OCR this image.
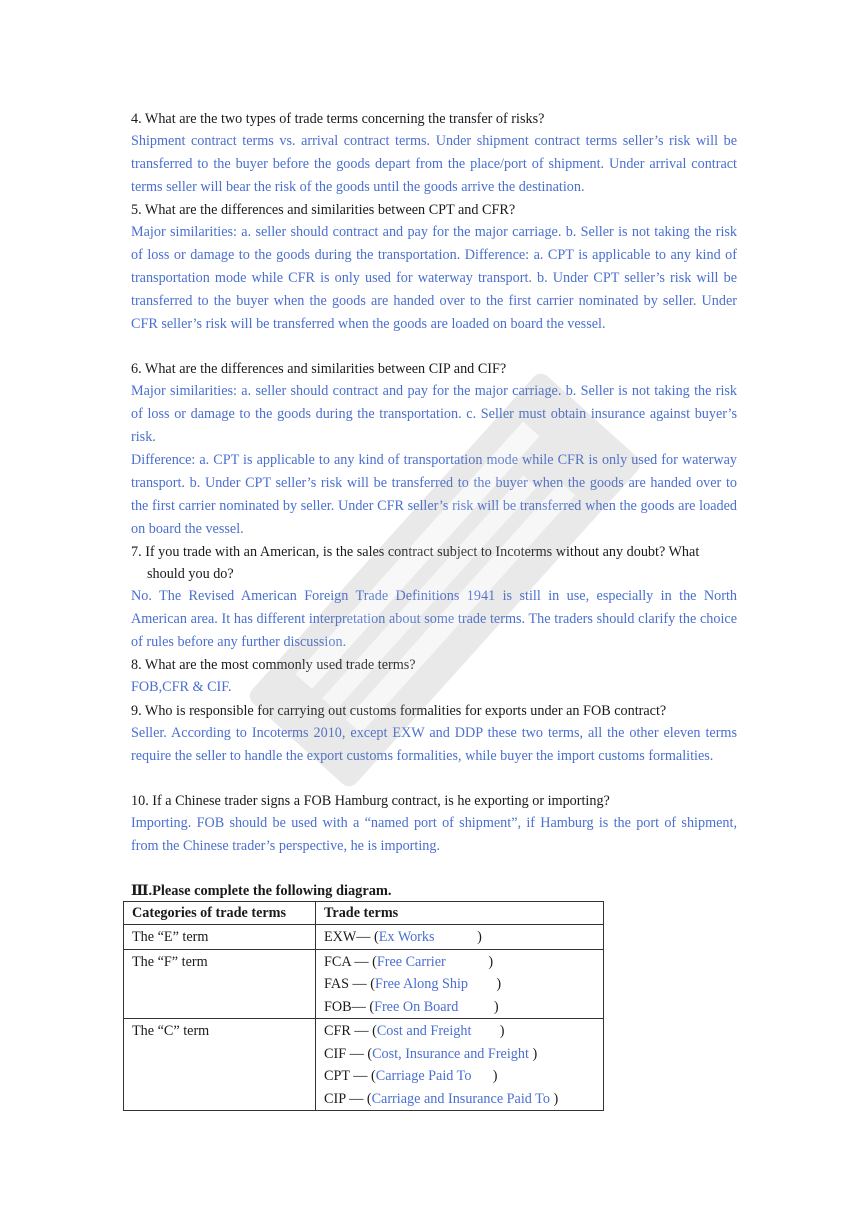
4. What are the two types of trade terms concerning the transfer of risks?
Shipment contract terms vs. arrival contract terms. Under shipment contract terms seller’s risk will be transferred to the buyer before the goods depart from the place/port of shipment. Under arrival contract terms seller will bear the risk of the goods until the goods arrive the destination.
5. What are the differences and similarities between CPT and CFR?
Major similarities: a. seller should contract and pay for the major carriage. b. Seller is not taking the risk of loss or damage to the goods during the transportation. Difference: a. CPT is applicable to any kind of transportation mode while CFR is only used for waterway transport. b. Under CPT seller’s risk will be transferred to the buyer when the goods are handed over to the first carrier nominated by seller. Under CFR seller’s risk will be transferred when the goods are loaded on board the vessel.
6. What are the differences and similarities between CIP and CIF?
Major similarities: a. seller should contract and pay for the major carriage. b. Seller is not taking the risk of loss or damage to the goods during the transportation. c. Seller must obtain insurance against buyer’s risk.
Difference: a. CPT is applicable to any kind of transportation mode while CFR is only used for waterway transport. b. Under CPT seller’s risk will be transferred to the buyer when the goods are handed over to the first carrier nominated by seller. Under CFR seller’s risk will be transferred when the goods are loaded on board the vessel.
7. If you trade with an American, is the sales contract subject to Incoterms without any doubt? What should you do?
No. The Revised American Foreign Trade Definitions 1941 is still in use, especially in the North American area. It has different interpretation about some trade terms. The traders should clarify the choice of rules before any further discussion.
8. What are the most commonly used trade terms?
FOB,CFR & CIF.
9. Who is responsible for carrying out customs formalities for exports under an FOB contract?
Seller. According to Incoterms 2010, except EXW and DDP these two terms, all the other eleven terms require the seller to handle the export customs formalities, while buyer the import customs formalities.
10. If a Chinese trader signs a FOB Hamburg contract, is he exporting or importing?
Importing. FOB should be used with a “named port of shipment”, if Hamburg is the port of shipment, from the Chinese trader’s perspective, he is importing.
Ⅲ.Please complete the following diagram.
Categories of trade terms	Trade terms
The “E” term	EXW— (Ex Works            )

The “F” term	FCA — (Free Carrier            )
FAS — (Free Along Ship        )
FOB— (Free On Board          )

The “C” term	CFR — (Cost and Freight        )
CIF — (Cost, Insurance and Freight )
CPT — (Carriage Paid To      )
CIP — (Carriage and Insurance Paid To )
